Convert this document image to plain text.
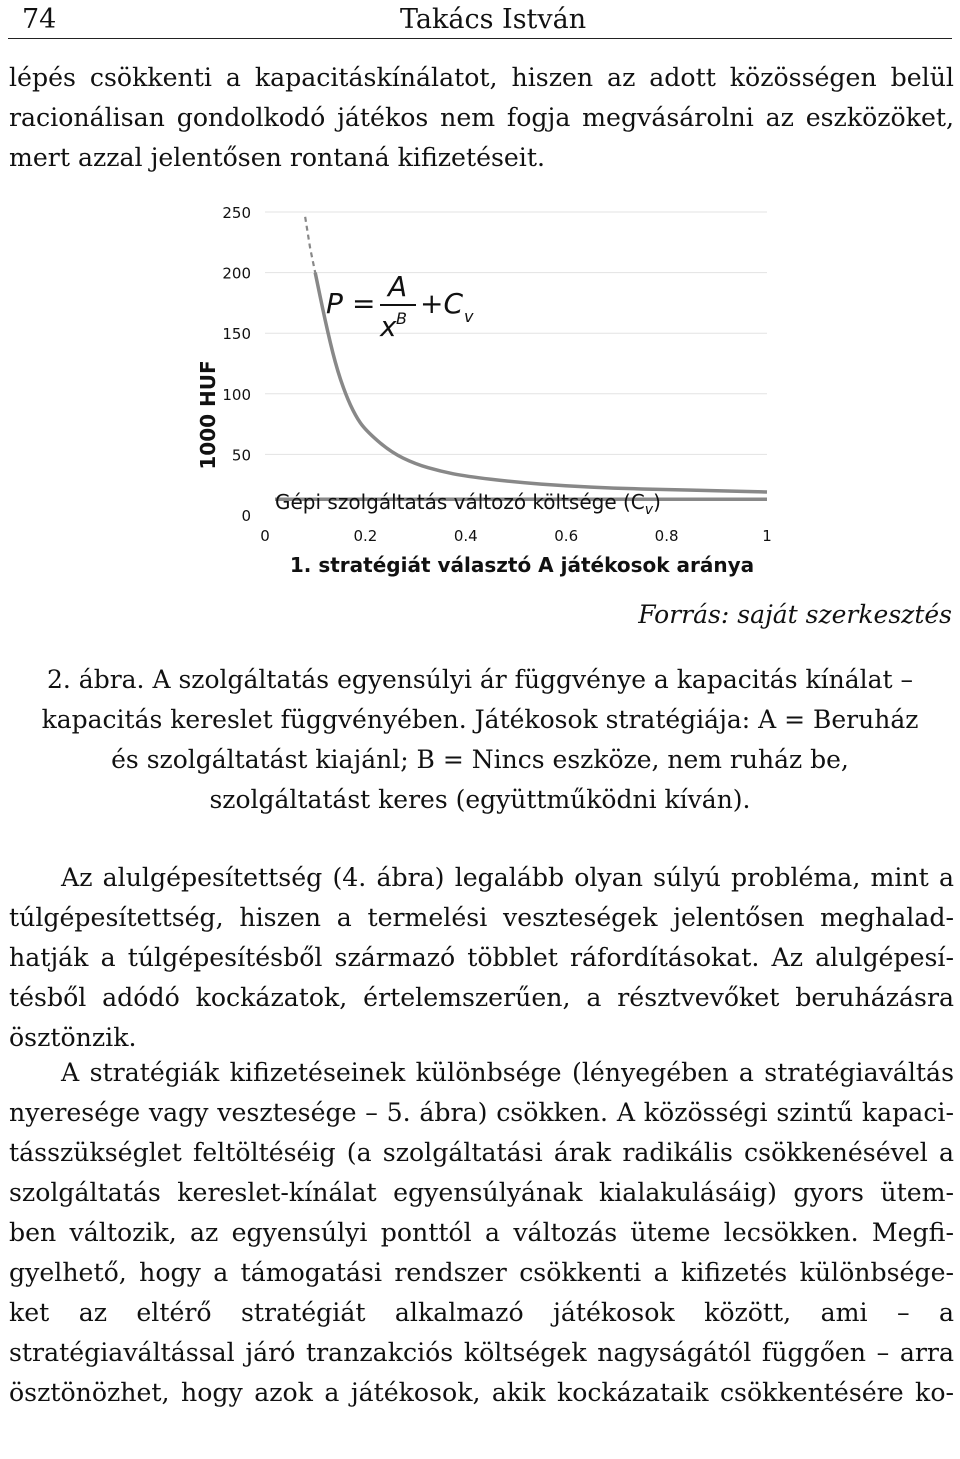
74	Takács István

lépés csökkenti a kapacitáskínálatot, hiszen az adott közösségen belül
racionálisan gondolkodó játékos nem fogja megvásárolni az eszközöket,
mert azzal jelentősen rontaná kifizetéseit.

1000 HUF
250
200
150
100
50
0
0	0.2	0.4	0.6	0.8	1
P =
A
x B +C v
Gépi szolgáltatás változó költsége $(C_v)$
1. stratégiát választó A játékosok aránya
Forrás: saját szerkesztés
2. ábra. A szolgáltatás egyensúlyi ár függvénye a kapacitás kínálat –
kapacitás kereslet függvényében. Játékosok stratégiája: A = Beruház
és szolgáltatást kiajánl; B = Nincs eszköze, nem ruház be,
szolgáltatást keres (együttműködni kíván).

Az alulgépesítettség (4. ábra) legalább olyan súlyú probléma, mint a
túlgépesítettség, hiszen a termelési veszteségek jelentősen meghalad-
hatják a túlgépesítésből származó többlet ráfordításokat. Az alulgépesí-
tésből adódó kockázatok, értelemszerűen, a résztvevőket beruházásra
ösztönzik.

A stratégiák kifizetéseinek különbsége (lényegében a stratégiaváltás
nyeresége vagy vesztesége – 5. ábra) csökken. A közösségi szintű kapaci-
tásszükséglet feltöltéséig (a szolgáltatási árak radikális csökkenésével a
szolgáltatás kereslet-kínálat egyensúlyának kialakulásáig) gyors ütem-
ben változik, az egyensúlyi ponttól a változás üteme lecsökken. Megfi-
gyelhető, hogy a támogatási rendszer csökkenti a kifizetés különbsége-
ket az eltérő stratégiát alkalmazó játékosok között, ami – a
stratégiaváltással járó tranzakciós költségek nagyságától függően – arra
ösztönözhet, hogy azok a játékosok, akik kockázataik csökkentésére ko-
